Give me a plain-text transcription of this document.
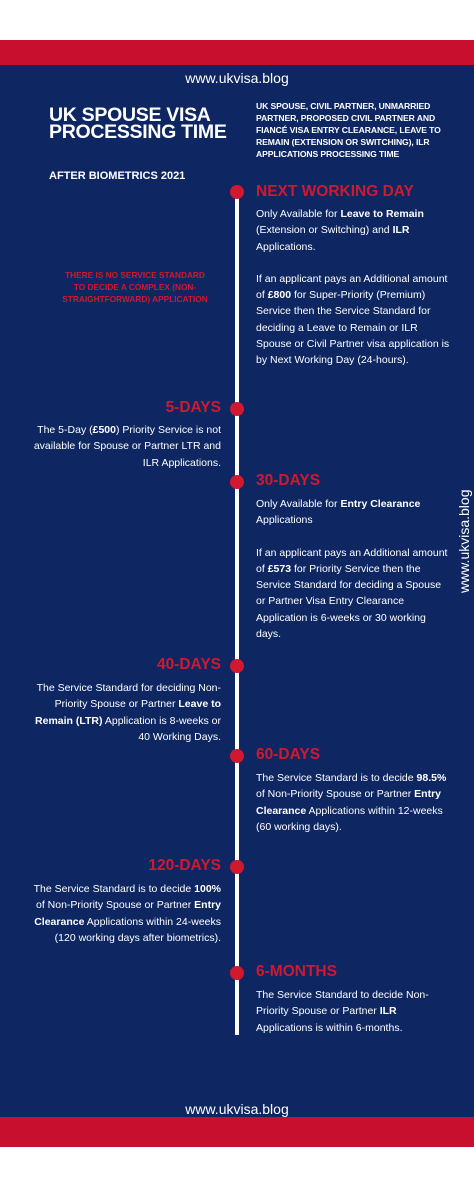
www.ukvisa.blog
UK SPOUSE VISA PROCESSING TIME
AFTER BIOMETRICS 2021
UK SPOUSE, CIVIL PARTNER, UNMARRIED PARTNER, PROPOSED CIVIL PARTNER AND FIANCÉ VISA ENTRY CLEARANCE, LEAVE TO REMAIN (EXTENSION OR SWITCHING), ILR APPLICATIONS PROCESSING TIME
THERE IS NO SERVICE STANDARD TO DECIDE A COMPLEX (NON-STRAIGHTFORWARD) APPLICATION
NEXT WORKING DAY
Only Available for Leave to Remain (Extension or Switching) and ILR Applications.
If an applicant pays an Additional amount of £800 for Super-Priority (Premium) Service then the Service Standard for deciding a Leave to Remain or ILR Spouse or Civil Partner visa application is by Next Working Day (24-hours).
5-DAYS
The 5-Day (£500) Priority Service is not available for Spouse or Partner LTR and ILR Applications.
30-DAYS
Only Available for Entry Clearance Applications
If an applicant pays an Additional amount of £573 for Priority Service then the Service Standard for deciding a Spouse or Partner Visa Entry Clearance Application is 6-weeks or 30 working days.
40-DAYS
The Service Standard for deciding Non-Priority Spouse or Partner Leave to Remain (LTR) Application is 8-weeks or 40 Working Days.
60-DAYS
The Service Standard is to decide 98.5% of Non-Priority Spouse or Partner Entry Clearance Applications within 12-weeks (60 working days).
120-DAYS
The Service Standard is to decide 100% of Non-Priority Spouse or Partner Entry Clearance Applications within 24-weeks (120 working days after biometrics).
6-MONTHS
The Service Standard to decide Non-Priority Spouse or Partner ILR Applications is within 6-months.
www.ukvisa.blog
www.ukvisa.blog
